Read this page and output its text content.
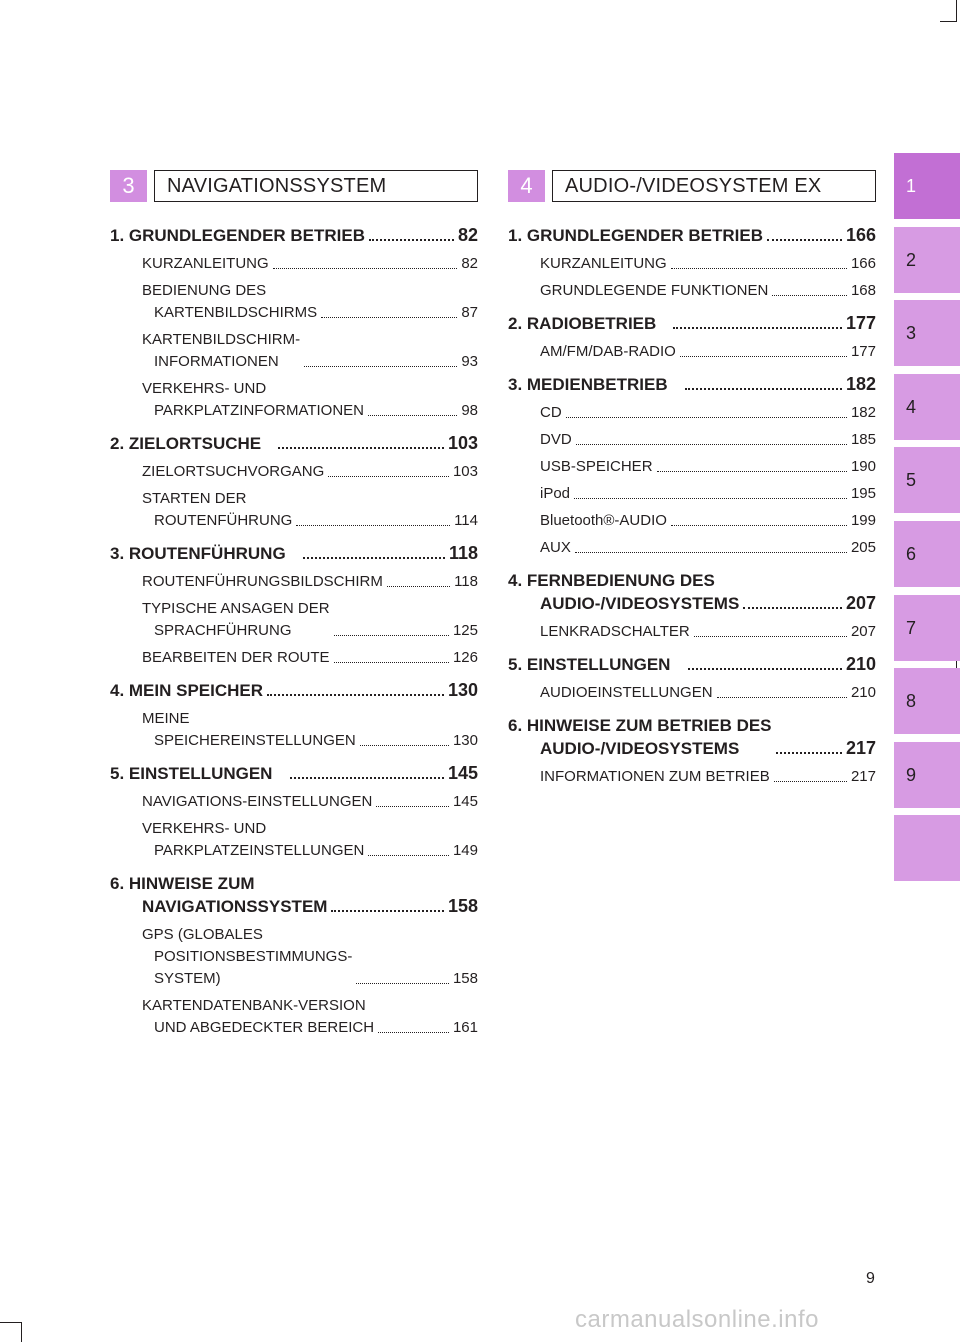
3	NAVIGATIONSSYSTEM
1. GRUNDLEGENDER BETRIEB	82
KURZANLEITUNG	82
BEDIENUNG DES
KARTENBILDSCHIRMS	87
KARTENBILDSCHIRM-
INFORMATIONEN	93
VERKEHRS- UND
PARKPLATZINFORMATIONEN	98
2. ZIELORTSUCHE	103
ZIELORTSUCHVORGANG	103
STARTEN DER
ROUTENFÜHRUNG	114
3. ROUTENFÜHRUNG	118
ROUTENFÜHRUNGSBILDSCHIRM	118
TYPISCHE ANSAGEN DER
SPRACHFÜHRUNG	125
BEARBEITEN DER ROUTE	126
4. MEIN SPEICHER	130
MEINE
SPEICHEREINSTELLUNGEN	130
5. EINSTELLUNGEN	145
NAVIGATIONS-EINSTELLUNGEN	145
VERKEHRS- UND
PARKPLATZEINSTELLUNGEN	149
6. HINWEISE ZUM
NAVIGATIONSSYSTEM	158
GPS (GLOBALES
POSITIONSBESTIMMUNGS-
SYSTEM)	158
KARTENDATENBANK-VERSION
UND ABGEDECKTER BEREICH	161
4	AUDIO-/VIDEOSYSTEM EX
1. GRUNDLEGENDER BETRIEB	166
KURZANLEITUNG	166
GRUNDLEGENDE FUNKTIONEN	168
2. RADIOBETRIEB	177
AM/FM/DAB-RADIO	177
3. MEDIENBETRIEB	182
CD	182
DVD	185
USB-SPEICHER	190
iPod	195
Bluetooth®-AUDIO	199
AUX	205
4. FERNBEDIENUNG DES
AUDIO-/VIDEOSYSTEMS	207
LENKRADSCHALTER	207
5. EINSTELLUNGEN	210
AUDIOEINSTELLUNGEN	210
6. HINWEISE ZUM BETRIEB DES
AUDIO-/VIDEOSYSTEMS	217
INFORMATIONEN ZUM BETRIEB	217
1
2
3
4
5
6
7
8
9
9
carmanualsonline.info
